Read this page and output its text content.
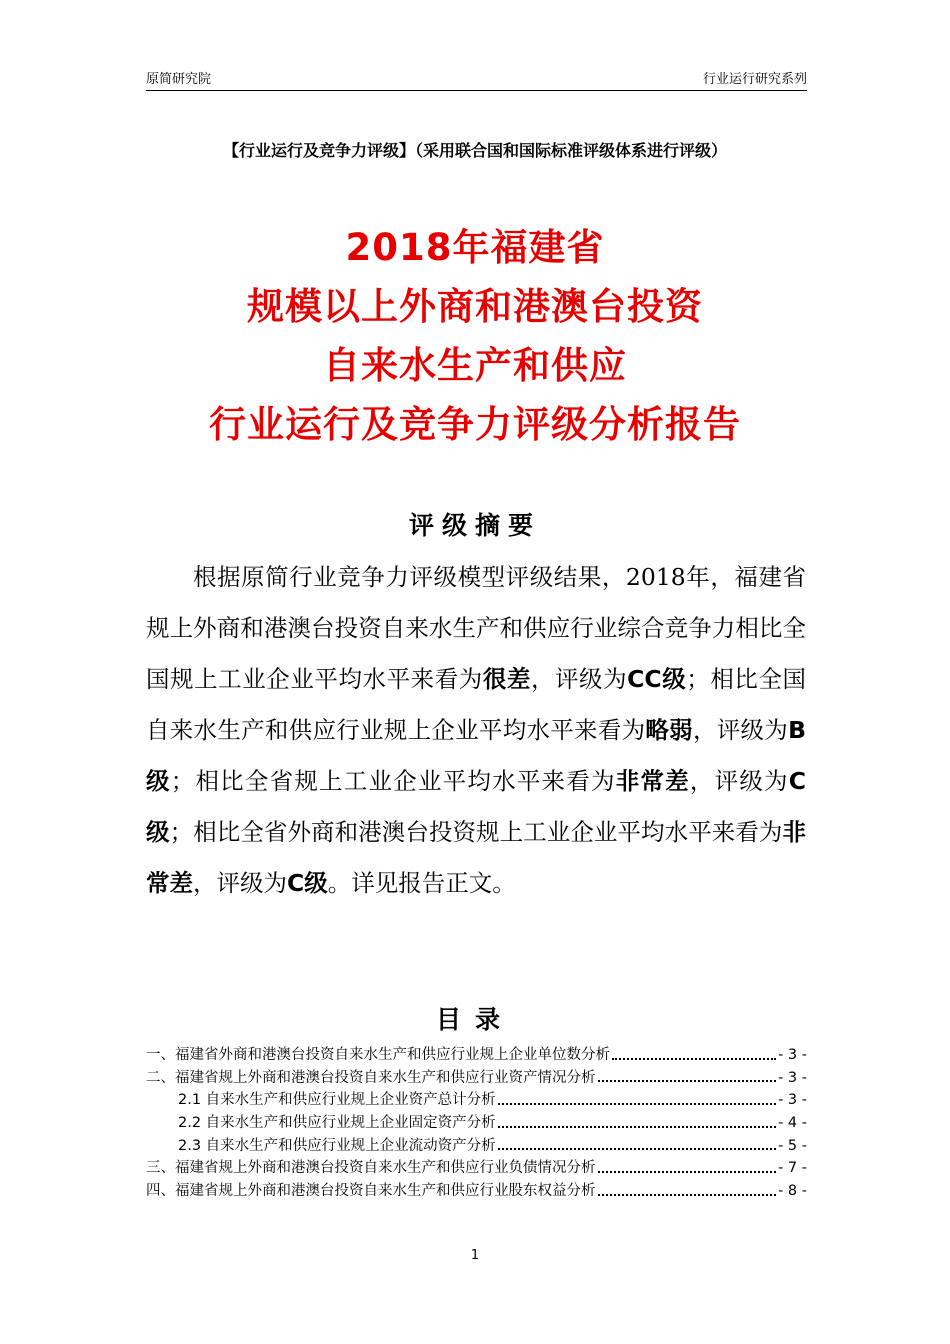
原简研究院	行业运行研究系列
【行业运行及竞争力评级】（采用联合国和国际标准评级体系进行评级）
2018年福建省
规模以上外商和港澳台投资
自来水生产和供应
行业运行及竞争力评级分析报告
评级摘要

根据原简行业竞争力评级模型评级结果，2018年，福建省规上外商和港澳台投资自来水生产和供应行业综合竞争力相比全国规上工业企业平均水平来看为很差，评级为CC级；相比全国自来水生产和供应行业规上企业平均水平来看为略弱，评级为B级；相比全省规上工业企业平均水平来看为非常差，评级为C级；相比全省外商和港澳台投资规上工业企业平均水平来看为非常差，评级为C级。详见报告正文。

目录
一、福建省外商和港澳台投资自来水生产和供应行业规上企业单位数分析	- 3 -
二、福建省规上外商和港澳台投资自来水生产和供应行业资产情况分析	- 3 -
2.1 自来水生产和供应行业规上企业资产总计分析	- 3 -
2.2 自来水生产和供应行业规上企业固定资产分析	- 4 -
2.3 自来水生产和供应行业规上企业流动资产分析	- 5 -
三、福建省规上外商和港澳台投资自来水生产和供应行业负债情况分析	- 7 -
四、福建省规上外商和港澳台投资自来水生产和供应行业股东权益分析	- 8 -
1
